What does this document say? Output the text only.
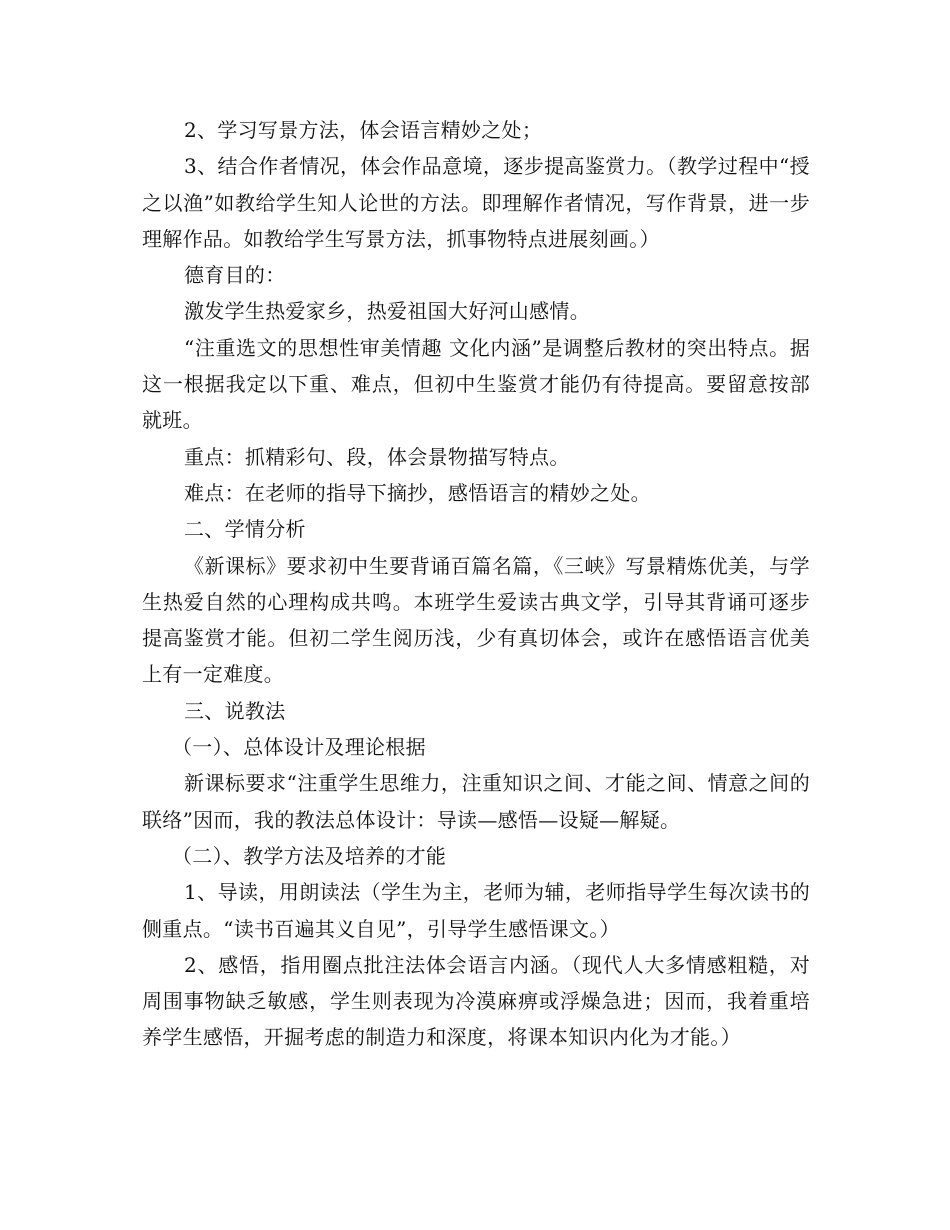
2、学习写景方法，体会语言精妙之处；

3、结合作者情况，体会作品意境，逐步提高鉴赏力。（教学过程中“授之以渔”如教给学生知人论世的方法。即理解作者情况，写作背景，进一步理解作品。如教给学生写景方法，抓事物特点进展刻画。）

德育目的：

激发学生热爱家乡，热爱祖国大好河山感情。

“注重选文的思想性审美情趣 文化内涵”是调整后教材的突出特点。据这一根据我定以下重、难点，但初中生鉴赏才能仍有待提高。要留意按部就班。

重点：抓精彩句、段，体会景物描写特点。

难点：在老师的指导下摘抄，感悟语言的精妙之处。

二、学情分析

《新课标》要求初中生要背诵百篇名篇，《三峡》写景精炼优美，与学生热爱自然的心理构成共鸣。本班学生爱读古典文学，引导其背诵可逐步提高鉴赏才能。但初二学生阅历浅，少有真切体会，或许在感悟语言优美上有一定难度。

三、说教法

（一）、总体设计及理论根据

新课标要求“注重学生思维力，注重知识之间、才能之间、情意之间的联络”因而，我的教法总体设计：导读—感悟—设疑—解疑。

（二）、教学方法及培养的才能

1、导读，用朗读法（学生为主，老师为辅，老师指导学生每次读书的侧重点。“读书百遍其义自见”，引导学生感悟课文。）

2、感悟，指用圈点批注法体会语言内涵。（现代人大多情感粗糙，对周围事物缺乏敏感，学生则表现为冷漠麻痹或浮燥急进；因而，我着重培养学生感悟，开掘考虑的制造力和深度，将课本知识内化为才能。）
